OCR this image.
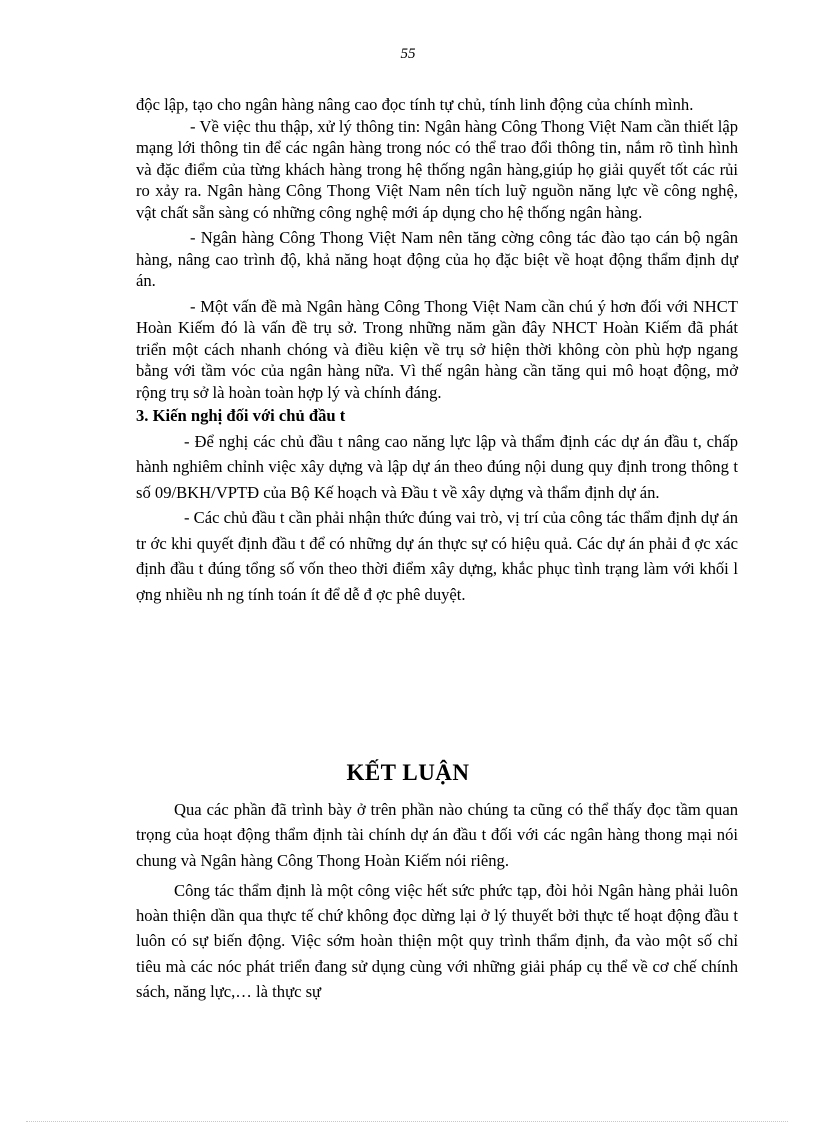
55

độc lập, tạo cho ngân hàng nâng cao đọc tính tự chủ, tính linh động của chính mình.

- Về việc thu thập, xử lý thông tin: Ngân hàng Công Thong Việt Nam cần thiết lập mạng lới thông tin để các ngân hàng trong nóc có thể trao đổi thông tin, nắm rõ tình hình và đặc điểm của từng khách hàng trong hệ thống ngân hàng,giúp họ giải quyết tốt các rủi ro xảy ra. Ngân hàng Công Thong Việt Nam nên tích luỹ nguồn năng lực về công nghệ, vật chất sẵn sàng có những công nghệ mới áp dụng cho hệ thống ngân hàng.

- Ngân hàng Công Thong Việt Nam nên tăng cờng công tác đào tạo cán bộ ngân hàng, nâng cao trình độ, khả năng hoạt động của họ đặc biệt về hoạt động thẩm định dự án.

- Một vấn đề mà Ngân hàng Công Thong Việt Nam cần chú ý hơn đối với NHCT Hoàn Kiếm đó là vấn đề trụ sở. Trong những năm gần đây NHCT Hoàn Kiếm đã phát triển một cách nhanh chóng và điều kiện về trụ sở hiện thời không còn phù hợp ngang bằng với tầm vóc của ngân hàng nữa. Vì thế ngân hàng cần tăng qui mô hoạt động, mở rộng trụ sở là hoàn toàn hợp lý và chính đáng.

3. Kiến nghị đối với chủ đầu t

- Để nghị các chủ đầu t nâng cao năng lực lập và thẩm định các dự án đầu t, chấp hành nghiêm chỉnh việc xây dựng và lập dự án theo đúng nội dung quy định trong thông t số 09/BKH/VPTĐ của Bộ Kế hoạch và Đầu t về xây dựng và thẩm định dự án.

- Các chủ đầu t cần phải nhận thức đúng vai trò, vị trí của công tác thẩm định dự án tr ớc khi quyết định đầu t để có những dự án thực sự có hiệu quả. Các dự án phải đ ợc xác định đầu t đúng tổng số vốn theo thời điểm xây dựng, khắc phục tình trạng làm với khối l ợng nhiều nh ng tính toán ít để dễ đ ợc phê duyệt.

KẾT LUẬN

Qua các phần đã trình bày ở trên phần nào chúng ta cũng có thể thấy đọc tầm quan trọng của hoạt động thẩm định tài chính dự án đầu t đối với các ngân hàng thong mại nói chung và Ngân hàng Công Thong Hoàn Kiếm nói riêng.

Công tác thẩm định là một công việc hết sức phức tạp, đòi hỏi Ngân hàng phải luôn hoàn thiện dần qua thực tế chứ không đọc dừng lại ở lý thuyết bởi thực tế hoạt động đầu t luôn có sự biến động. Việc sớm hoàn thiện một quy trình thẩm định, đa vào một số chỉ tiêu mà các nóc phát triển đang sử dụng cùng với những giải pháp cụ thể về cơ chế chính sách, năng lực,… là thực sự
